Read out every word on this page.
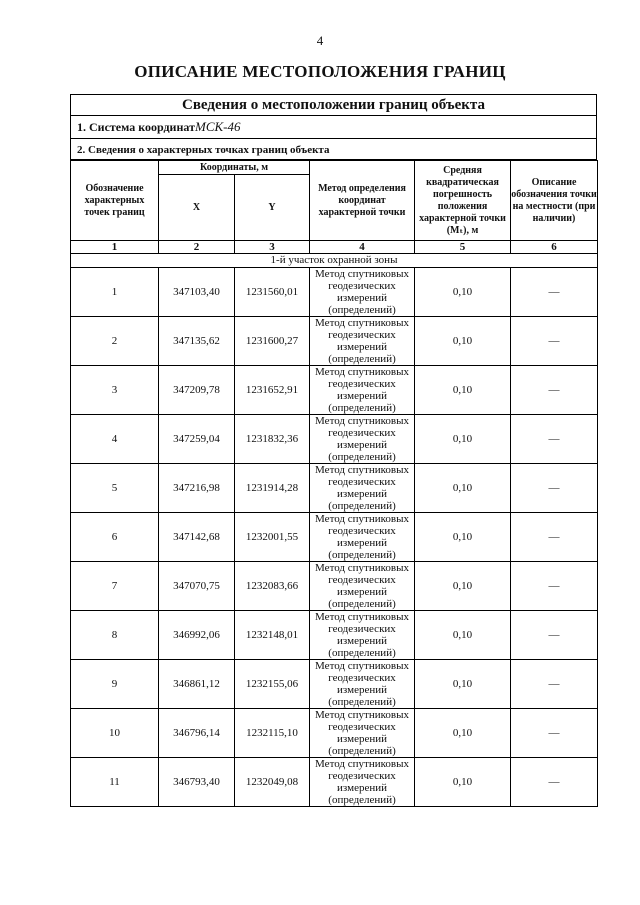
4
ОПИСАНИЕ МЕСТОПОЛОЖЕНИЯ ГРАНИЦ
Сведения о местоположении границ объекта
1. Система координатМСК-46
2. Сведения о характерных точках границ объекта
Обозначение характерных точек границ	Координаты, м		Метод определения координат характерной точки	Средняя квадратическая погрешность положения характерной точки (Mₜ), м	Описание обозначения точки на местности (при наличии)
	X	Y			
1	2	3	4	5	6
1-й участок охранной зоны					
1	347103,40	1231560,01	Метод спутниковых геодезических измерений (определений)	0,10	—
2	347135,62	1231600,27	Метод спутниковых геодезических измерений (определений)	0,10	—
3	347209,78	1231652,91	Метод спутниковых геодезических измерений (определений)	0,10	—
4	347259,04	1231832,36	Метод спутниковых геодезических измерений (определений)	0,10	—
5	347216,98	1231914,28	Метод спутниковых геодезических измерений (определений)	0,10	—
6	347142,68	1232001,55	Метод спутниковых геодезических измерений (определений)	0,10	—
7	347070,75	1232083,66	Метод спутниковых геодезических измерений (определений)	0,10	—
8	346992,06	1232148,01	Метод спутниковых геодезических измерений (определений)	0,10	—
9	346861,12	1232155,06	Метод спутниковых геодезических измерений (определений)	0,10	—
10	346796,14	1232115,10	Метод спутниковых геодезических измерений (определений)	0,10	—
11	346793,40	1232049,08	Метод спутниковых геодезических измерений (определений)	0,10	—
